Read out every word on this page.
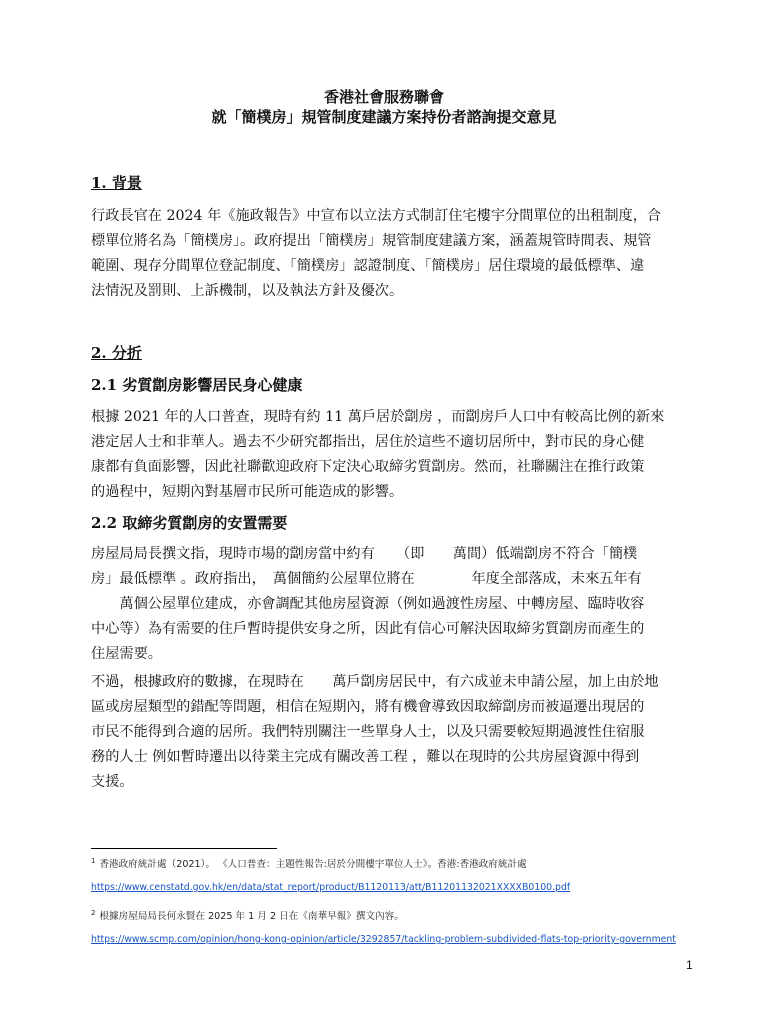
香港社會服務聯會
就「簡樸房」規管制度建議方案持份者諮詢提交意見
1. 背景

行政長官在 2024 年《施政報告》中宣布以立法方式制訂住宅樓宇分間單位的出租制度，合
標單位將名為「簡樸房」。政府提出「簡樸房」規管制度建議方案，涵蓋規管時間表、規管
範圍、現存分間單位登記制度、「簡樸房」認證制度、「簡樸房」居住環境的最低標準、違
法情況及罰則、上訴機制，以及執法方針及優次。

2. 分折
2.1 劣質劏房影響居民身心健康

根據 2021 年的人口普查，現時有約 11 萬戶居於劏房 ，而劏房戶人口中有較高比例的新來
港定居人士和非華人。過去不少研究都指出，居住於這些不適切居所中，對市民的身心健
康都有負面影響，因此社聯歡迎政府下定決心取締劣質劏房。然而，社聯關注在推行政策
的過程中，短期內對基層市民所可能造成的影響。

2.2 取締劣質劏房的安置需要

房屋局局長撰文指，現時市場的劏房當中約有　　（即　　萬間）低端劏房不符合「簡樸
房」最低標準 。政府指出，　萬個簡約公屋單位將在　　　　年度全部落成，未來五年有
　　萬個公屋單位建成，亦會調配其他房屋資源（例如過渡性房屋、中轉房屋、臨時收容
中心等）為有需要的住戶暫時提供安身之所，因此有信心可解決因取締劣質劏房而產生的
住屋需要。

不過，根據政府的數據，在現時在　　萬戶劏房居民中，有六成並未申請公屋，加上由於地
區或房屋類型的錯配等問題，相信在短期內，將有機會導致因取締劏房而被逼遷出現居的
市民不能得到合適的居所。我們特別關注一些單身人士，以及只需要較短期過渡性住宿服
務的人士 例如暫時遷出以待業主完成有關改善工程 ，難以在現時的公共房屋資源中得到
支援。

$^1$ 香港政府統計處（2021）。 《人口普查：主題性報告:居於分間樓宇單位人士》。香港:香港政府統計處
https://www.censtatd.gov.hk/en/data/stat_report/product/B1120113/att/B11201132021XXXXB0100.pdf
$^2$ 根據房屋局局長何永賢在 2025 年 1 月 2 日在《南華早報》撰文內容。
https://www.scmp.com/opinion/hong-kong-opinion/article/3292857/tackling-problem-subdivided-flats-top-priority-government
1
